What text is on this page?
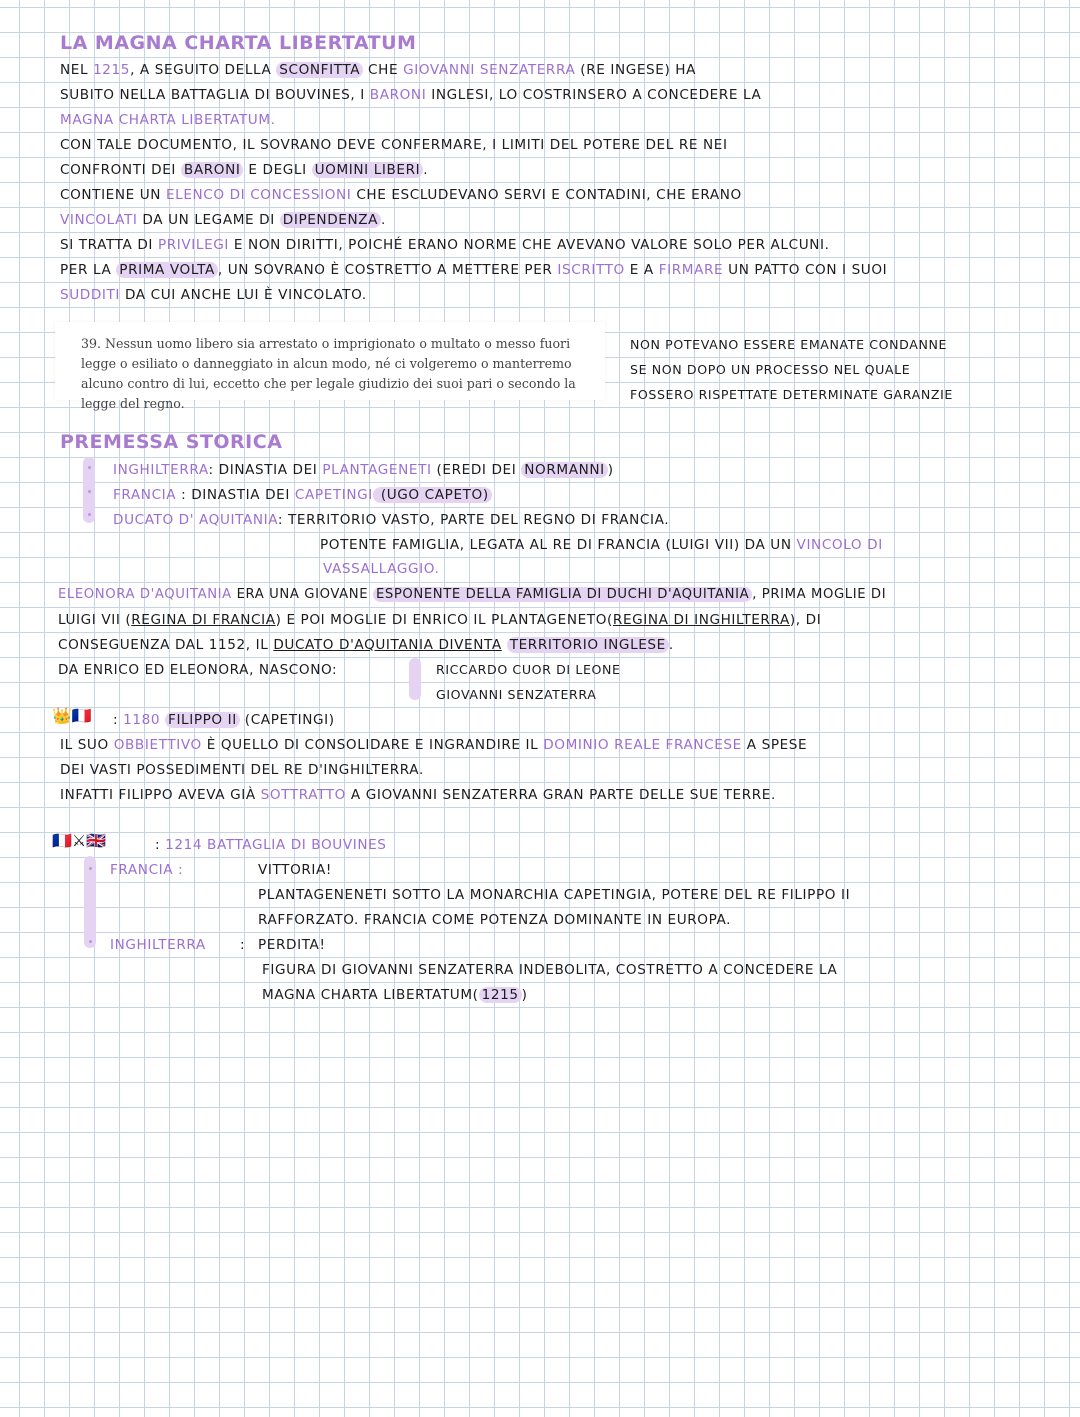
LA MAGNA CHARTA LIBERTATUM
NEL 1215, A SEGUITO DELLA SCONFITTA CHE GIOVANNI SENZATERRA (RE INGESE) HA
SUBITO NELLA BATTAGLIA DI BOUVINES, I BARONI INGLESI, LO COSTRINSERO A CONCEDERE LA
MAGNA CHARTA LIBERTATUM.
CON TALE DOCUMENTO, IL SOVRANO DEVE CONFERMARE, I LIMITI DEL POTERE DEL RE NEI
CONFRONTI DEI BARONI E DEGLI UOMINI LIBERI .
CONTIENE UN ELENCO DI CONCESSIONI CHE ESCLUDEVANO SERVI E CONTADINI, CHE ERANO
VINCOLATI DA UN LEGAME DI DIPENDENZA .
SI TRATTA DI PRIVILEGI E NON DIRITTI, POICHÉ ERANO NORME CHE AVEVANO VALORE SOLO PER ALCUNI.
PER LA PRIMA VOLTA , UN SOVRANO È COSTRETTO A METTERE PER ISCRITTO E A FIRMARE UN PATTO CON I SUOI
SUDDITI DA CUI ANCHE LUI È VINCOLATO.
39. Nessun uomo libero sia arrestato o imprigionato o multato o messo fuori legge o esiliato o danneggiato in alcun modo, né ci volgeremo o manterremo alcuno contro di lui, eccetto che per legale giudizio dei suoi pari o secondo la legge del regno.
NON POTEVANO ESSERE EMANATE CONDANNE
SE NON DOPO UN PROCESSO NEL QUALE
FOSSERO RISPETTATE DETERMINATE GARANZIE
PREMESSA STORICA
INGHILTERRA: DINASTIA DEI PLANTAGENETI (EREDI DEI NORMANNI )
FRANCIA : DINASTIA DEI CAPETINGI (UGO CAPETO)
DUCATO D' AQUITANIA: TERRITORIO VASTO, PARTE DEL REGNO DI FRANCIA.
POTENTE FAMIGLIA, LEGATA AL RE DI FRANCIA (LUIGI VII) DA UN VINCOLO DI
VASSALLAGGIO.
ELEONORA D'AQUITANIA ERA UNA GIOVANE ESPONENTE DELLA FAMIGLIA DI DUCHI D'AQUITANIA , PRIMA MOGLIE DI
LUIGI VII (REGINA DI FRANCIA) E POI MOGLIE DI ENRICO IL PLANTAGENETO(REGINA DI INGHILTERRA), DI
CONSEGUENZA DAL 1152, IL DUCATO D'AQUITANIA DIVENTA TERRITORIO INGLESE .
DA ENRICO ED ELEONORA, NASCONO:	RICCARDO CUOR DI LEONE
GIOVANNI SENZATERRA
👑🇫🇷 : 1180 FILIPPO II (CAPETINGI)
IL SUO OBBIETTIVO È QUELLO DI CONSOLIDARE E INGRANDIRE IL DOMINIO REALE FRANCESE A SPESE
DEI VASTI POSSEDIMENTI DEL RE D'INGHILTERRA.
INFATTI FILIPPO AVEVA GIÀ SOTTRATTO A GIOVANNI SENZATERRA GRAN PARTE DELLE SUE TERRE.
🇫🇷⚔🇬🇧	: 1214 BATTAGLIA DI BOUVINES
FRANCIA :	VITTORIA!
PLANTAGENENETI SOTTO LA MONARCHIA CAPETINGIA, POTERE DEL RE FILIPPO II
RAFFORZATO. FRANCIA COME POTENZA DOMINANTE IN EUROPA.
INGHILTERRA	: PERDITA!
FIGURA DI GIOVANNI SENZATERRA INDEBOLITA, COSTRETTO A CONCEDERE LA
MAGNA CHARTA LIBERTATUM( 1215 )
